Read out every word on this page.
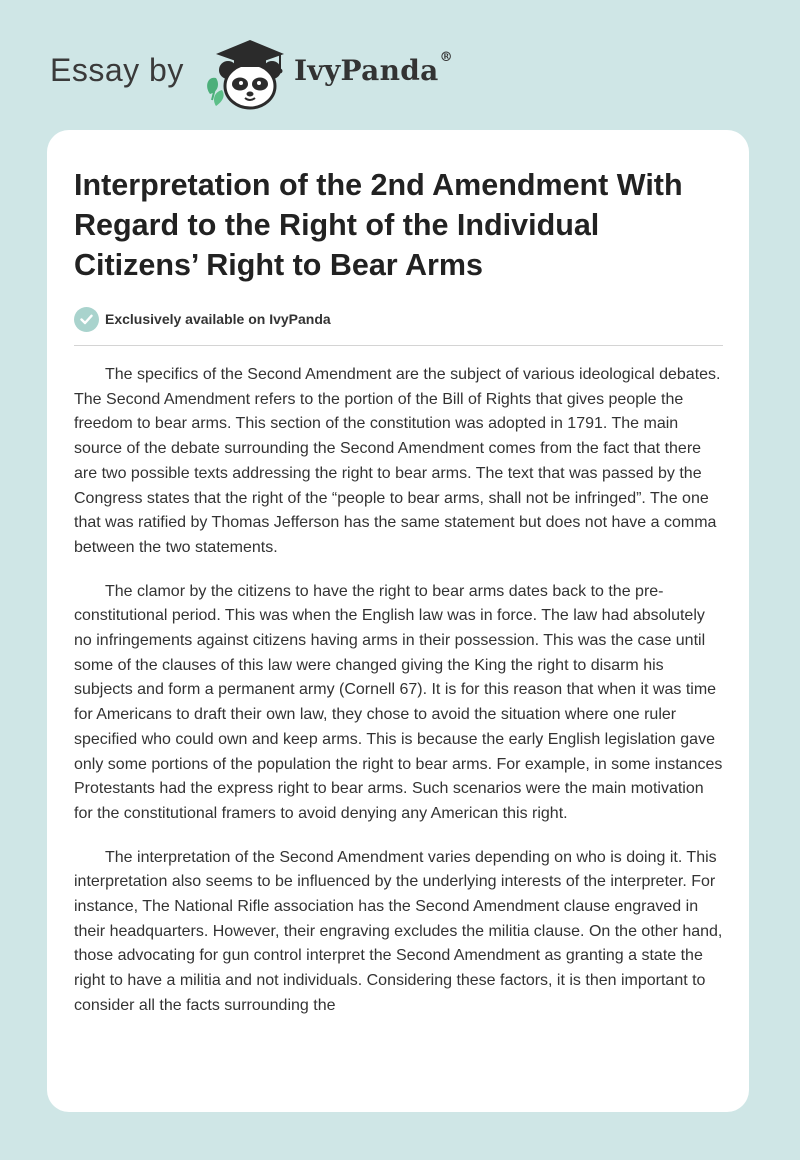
Essay by	IvyPanda®
Interpretation of the 2nd Amendment With Regard to the Right of the Individual Citizens’ Right to Bear Arms
Exclusively available on IvyPanda

The specifics of the Second Amendment are the subject of various ideological debates. The Second Amendment refers to the portion of the Bill of Rights that gives people the freedom to bear arms. This section of the constitution was adopted in 1791. The main source of the debate surrounding the Second Amendment comes from the fact that there are two possible texts addressing the right to bear arms. The text that was passed by the Congress states that the right of the “people to bear arms, shall not be infringed”. The one that was ratified by Thomas Jefferson has the same statement but does not have a comma between the two statements.

The clamor by the citizens to have the right to bear arms dates back to the pre-constitutional period. This was when the English law was in force. The law had absolutely no infringements against citizens having arms in their possession. This was the case until some of the clauses of this law were changed giving the King the right to disarm his subjects and form a permanent army (Cornell 67). It is for this reason that when it was time for Americans to draft their own law, they chose to avoid the situation where one ruler specified who could own and keep arms. This is because the early English legislation gave only some portions of the population the right to bear arms. For example, in some instances Protestants had the express right to bear arms. Such scenarios were the main motivation for the constitutional framers to avoid denying any American this right.

The interpretation of the Second Amendment varies depending on who is doing it. This interpretation also seems to be influenced by the underlying interests of the interpreter. For instance, The National Rifle association has the Second Amendment clause engraved in their headquarters. However, their engraving excludes the militia clause. On the other hand, those advocating for gun control interpret the Second Amendment as granting a state the right to have a militia and not individuals. Considering these factors, it is then important to consider all the facts surrounding the
